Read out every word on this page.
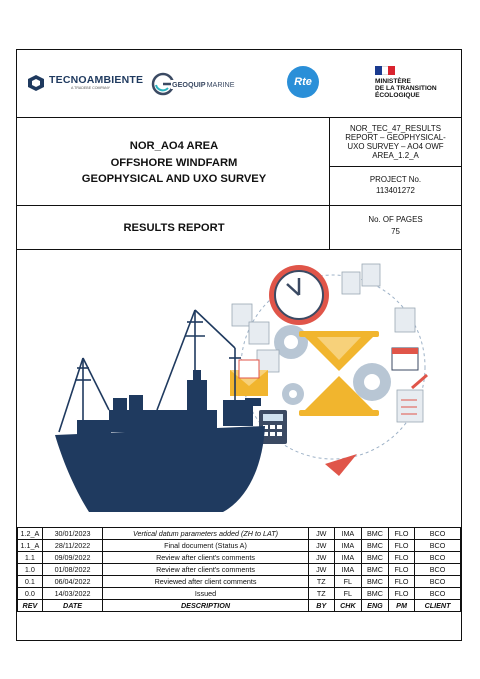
TECNOAMBIENTE
A TRADEBE COMPANY	GEOQUIP MARINE	Rte	MINISTÈRE
DE LA TRANSITION
ÉCOLOGIQUE
NOR_AO4 AREA
OFFSHORE WINDFARM
GEOPHYSICAL AND UXO SURVEY
NOR_TEC_47_RESULTS REPORT – GEOPHYSICAL- UXO SURVEY – AO4 OWF AREA_1.2_A
PROJECT No.
113401272
RESULTS REPORT
No. OF PAGES
75
1.2_A	30/01/2023	Vertical datum parameters added (ZH to LAT)	JW	IMA	BMC	FLO	BCO
1.1_A	28/11/2022	Final document (Status A)	JW	IMA	BMC	FLO	BCO
1.1	09/09/2022	Review after client's comments	JW	IMA	BMC	FLO	BCO
1.0	01/08/2022	Review after client's comments	JW	IMA	BMC	FLO	BCO
0.1	06/04/2022	Reviewed after client comments	TZ	FL	BMC	FLO	BCO
0.0	14/03/2022	Issued	TZ	FL	BMC	FLO	BCO
REV	DATE	DESCRIPTION	BY	CHK	ENG	PM	CLIENT
